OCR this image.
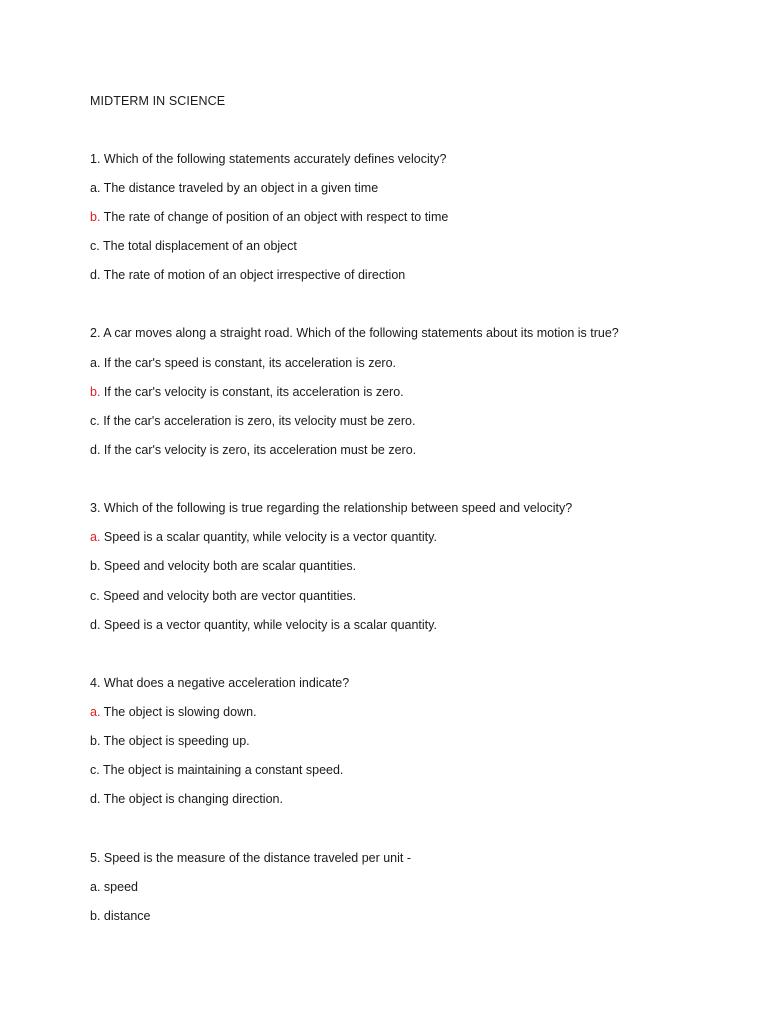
MIDTERM IN SCIENCE
1. Which of the following statements accurately defines velocity?
a. The distance traveled by an object in a given time
b. The rate of change of position of an object with respect to time
c. The total displacement of an object
d. The rate of motion of an object irrespective of direction
2. A car moves along a straight road. Which of the following statements about its motion is true?
a. If the car's speed is constant, its acceleration is zero.
b. If the car's velocity is constant, its acceleration is zero.
c. If the car's acceleration is zero, its velocity must be zero.
d. If the car's velocity is zero, its acceleration must be zero.
3. Which of the following is true regarding the relationship between speed and velocity?
a. Speed is a scalar quantity, while velocity is a vector quantity.
b. Speed and velocity both are scalar quantities.
c. Speed and velocity both are vector quantities.
d. Speed is a vector quantity, while velocity is a scalar quantity.
4. What does a negative acceleration indicate?
a. The object is slowing down.
b. The object is speeding up.
c. The object is maintaining a constant speed.
d. The object is changing direction.
5. Speed is the measure of the distance traveled per unit -
a. speed
b. distance
